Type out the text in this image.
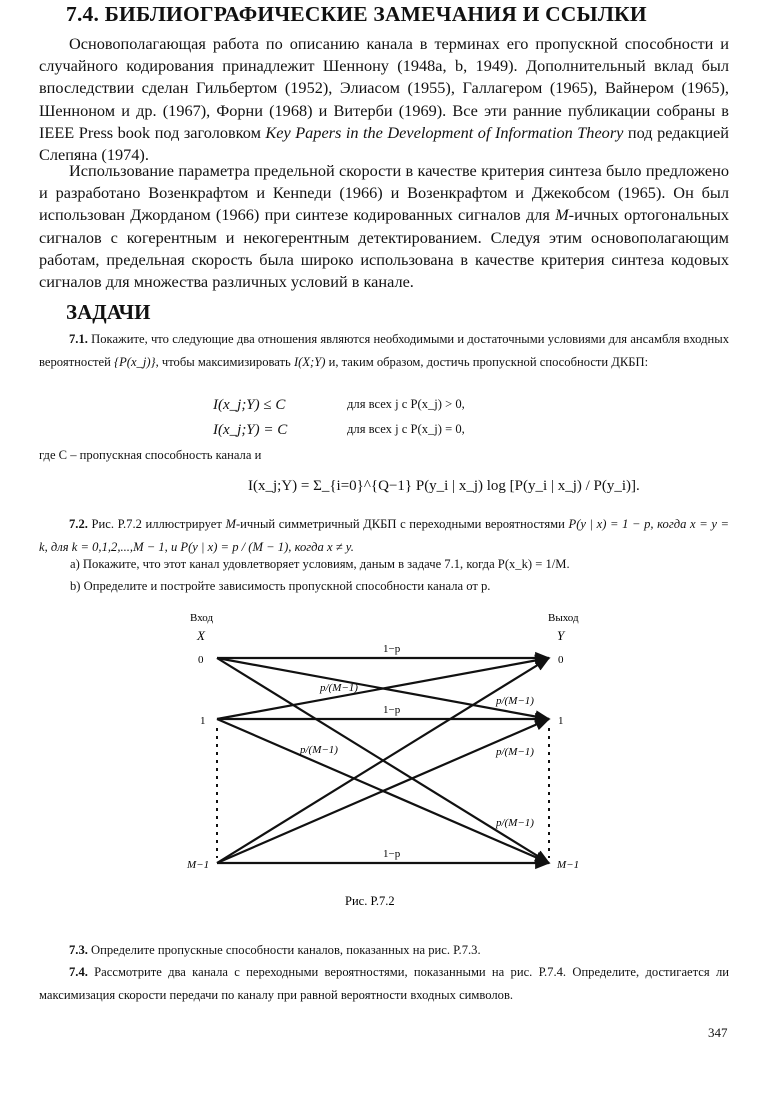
7.4. БИБЛИОГРАФИЧЕСКИЕ ЗАМЕЧАНИЯ И ССЫЛКИ

Основополагающая работа по описанию канала в терминах его пропускной способности и случайного кодирования принадлежит Шеннону (1948a, b, 1949). Дополнительный вклад был впоследствии сделан Гильбертом (1952), Элиасом (1955), Галлагером (1965), Вайнером (1965), Шенноном и др. (1967), Форни (1968) и Витерби (1969). Все эти ранние публикации собраны в IEEE Press book под заголовком Key Papers in the Development of Information Theory под редакцией Слепяна (1974).

Использование параметра предельной скорости в качестве критерия синтеза было предложено и разработано Возенкрафтом и Кенneди (1966) и Возенкрафтом и Джекобсом (1965). Он был использован Джорданом (1966) при синтезе кодированных сигналов для M-ичных ортогональных сигналов с когерентным и некогерентным детектированием. Следуя этим основополагающим работам, предельная скорость была широко использована в качестве критерия синтеза кодовых сигналов для множества различных условий в канале.

ЗАДАЧИ

7.1. Покажите, что следующие два отношения являются необходимыми и достаточными условиями для ансамбля входных вероятностей {P(x_j)}, чтобы максимизировать I(X;Y) и, таким образом, достичь пропускной способности ДКБП:

I(x_j;Y) ≤ C	для всех j с P(x_j) > 0,
I(x_j;Y) = C	для всех j с P(x_j) = 0,

где C – пропускная способность канала и

I(x_j;Y) = Σ_{i=0}^{Q−1} P(y_i | x_j) log [P(y_i | x_j) / P(y_i)].

7.2. Рис. Р.7.2 иллюстрирует M-ичный симметричный ДКБП с переходными вероятностями P(y | x) = 1 − p, когда x = y = k, для k = 0,1,2,...,M − 1, и P(y | x) = p / (M − 1), когда x ≠ y.

a) Покажите, что этот канал удовлетворяет условиям, даным в задаче 7.1, когда P(x_k) = 1/M.

b) Определите и постройте зависимость пропускной способности канала от p.

Вход	Выход
X	Y
0
1
M−1
0
1
M−1
1−p
1−p
1−p
p/(M−1)
p/(M−1)
p/(M−1)	p/(M−1)
p/(M−1)
Рис. Р.7.2

7.3. Определите пропускные способности каналов, показанных на рис. Р.7.3.

7.4. Рассмотрите два канала с переходными вероятностями, показанными на рис. Р.7.4. Определите, достигается ли максимизация скорости передачи по каналу при равной вероятности входных символов.

347
